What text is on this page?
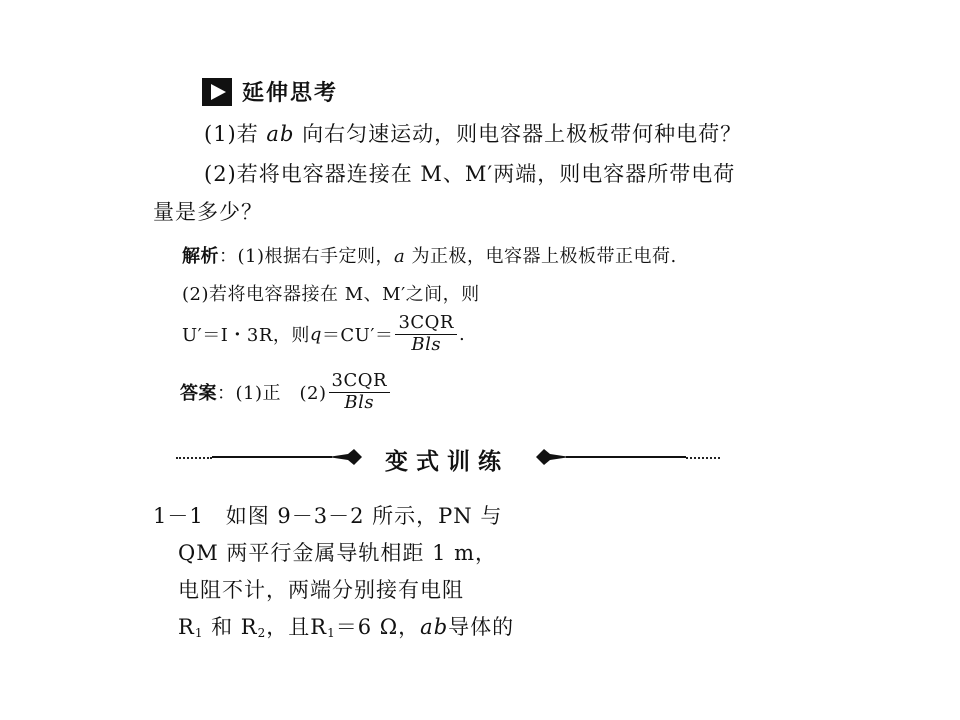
延伸思考
(1)若 ab 向右匀速运动，则电容器上极板带何种电荷？
(2)若将电容器连接在 M、M′两端，则电容器所带电荷
量是多少？
解析：(1)根据右手定则，a 为正极，电容器上极板带正电荷.
(2)若将电容器接在 M、M′之间，则
U′＝I・3R，则 $q =CU'= \frac{\text{3CQR}}{\text{Bls}}$ .
答案 ：(1)正　$(2) \frac{\text{3CQR}}{\text{Bls}}$
变 式 训 练
1－1　如图 9－3－2 所示，PN 与
QM 两平行金属导轨相距 1 m，
电阻不计，两端分别接有电阻
$R_1$ 和 $R_2$，且$R_1=6$ Ω，ab导体的
